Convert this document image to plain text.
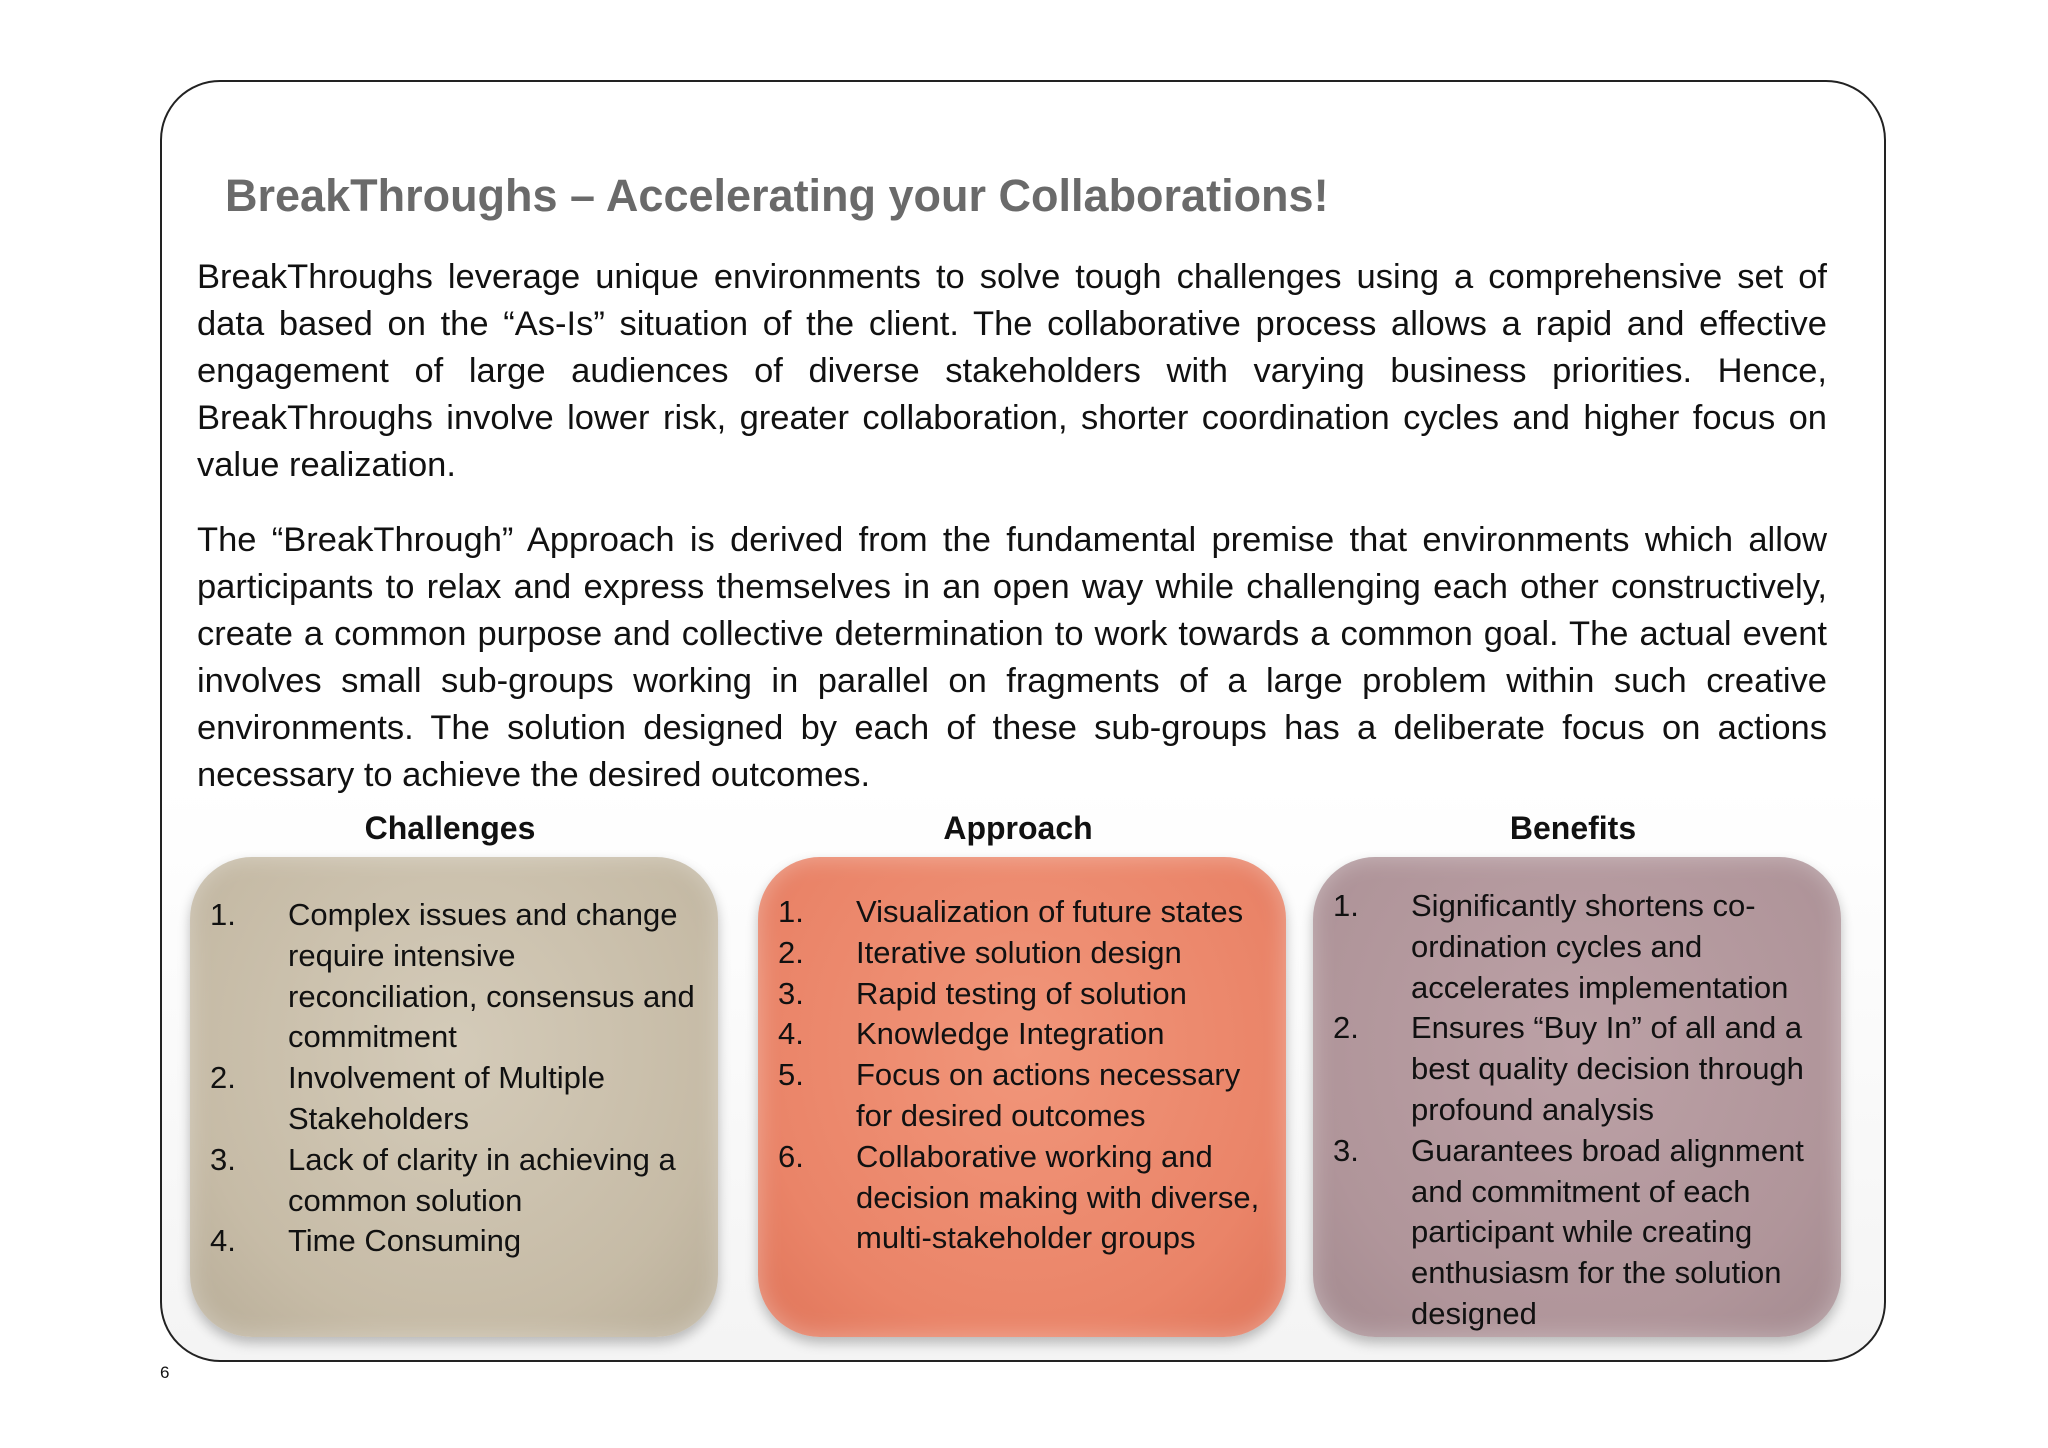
BreakThroughs – Accelerating your Collaborations!

BreakThroughs leverage unique environments to solve tough challenges using a comprehensive set of data based on the “As-Is” situation of the client. The collaborative process allows a rapid and effective engagement of large audiences of diverse stakeholders with varying business priorities. Hence, BreakThroughs involve lower risk, greater collaboration, shorter coordination cycles and higher focus on value realization.

The “BreakThrough” Approach is derived from the fundamental premise that environments which allow participants to relax and express themselves in an open way while challenging each other constructively, create a common purpose and collective determination to work towards a common goal. The actual event involves small sub-groups working in parallel on fragments of a large problem within such creative environments. The solution designed by each of these sub-groups has a deliberate focus on actions necessary to achieve the desired outcomes.

Challenges	Approach	Benefits
1. Complex issues and change require intensive reconciliation, consensus and commitment
2. Involvement of Multiple Stakeholders
3. Lack of clarity in achieving a common solution
4. Time Consuming
1. Visualization of future states
2. Iterative solution design
3. Rapid testing of solution
4. Knowledge Integration
5. Focus on actions necessary for desired outcomes
6. Collaborative working and decision making with diverse, multi-stakeholder groups
1. Significantly shortens co-ordination cycles and accelerates implementation
2. Ensures “Buy In” of all and a best quality decision through profound analysis
3. Guarantees broad alignment and commitment of each participant while creating enthusiasm for the solution designed
6
